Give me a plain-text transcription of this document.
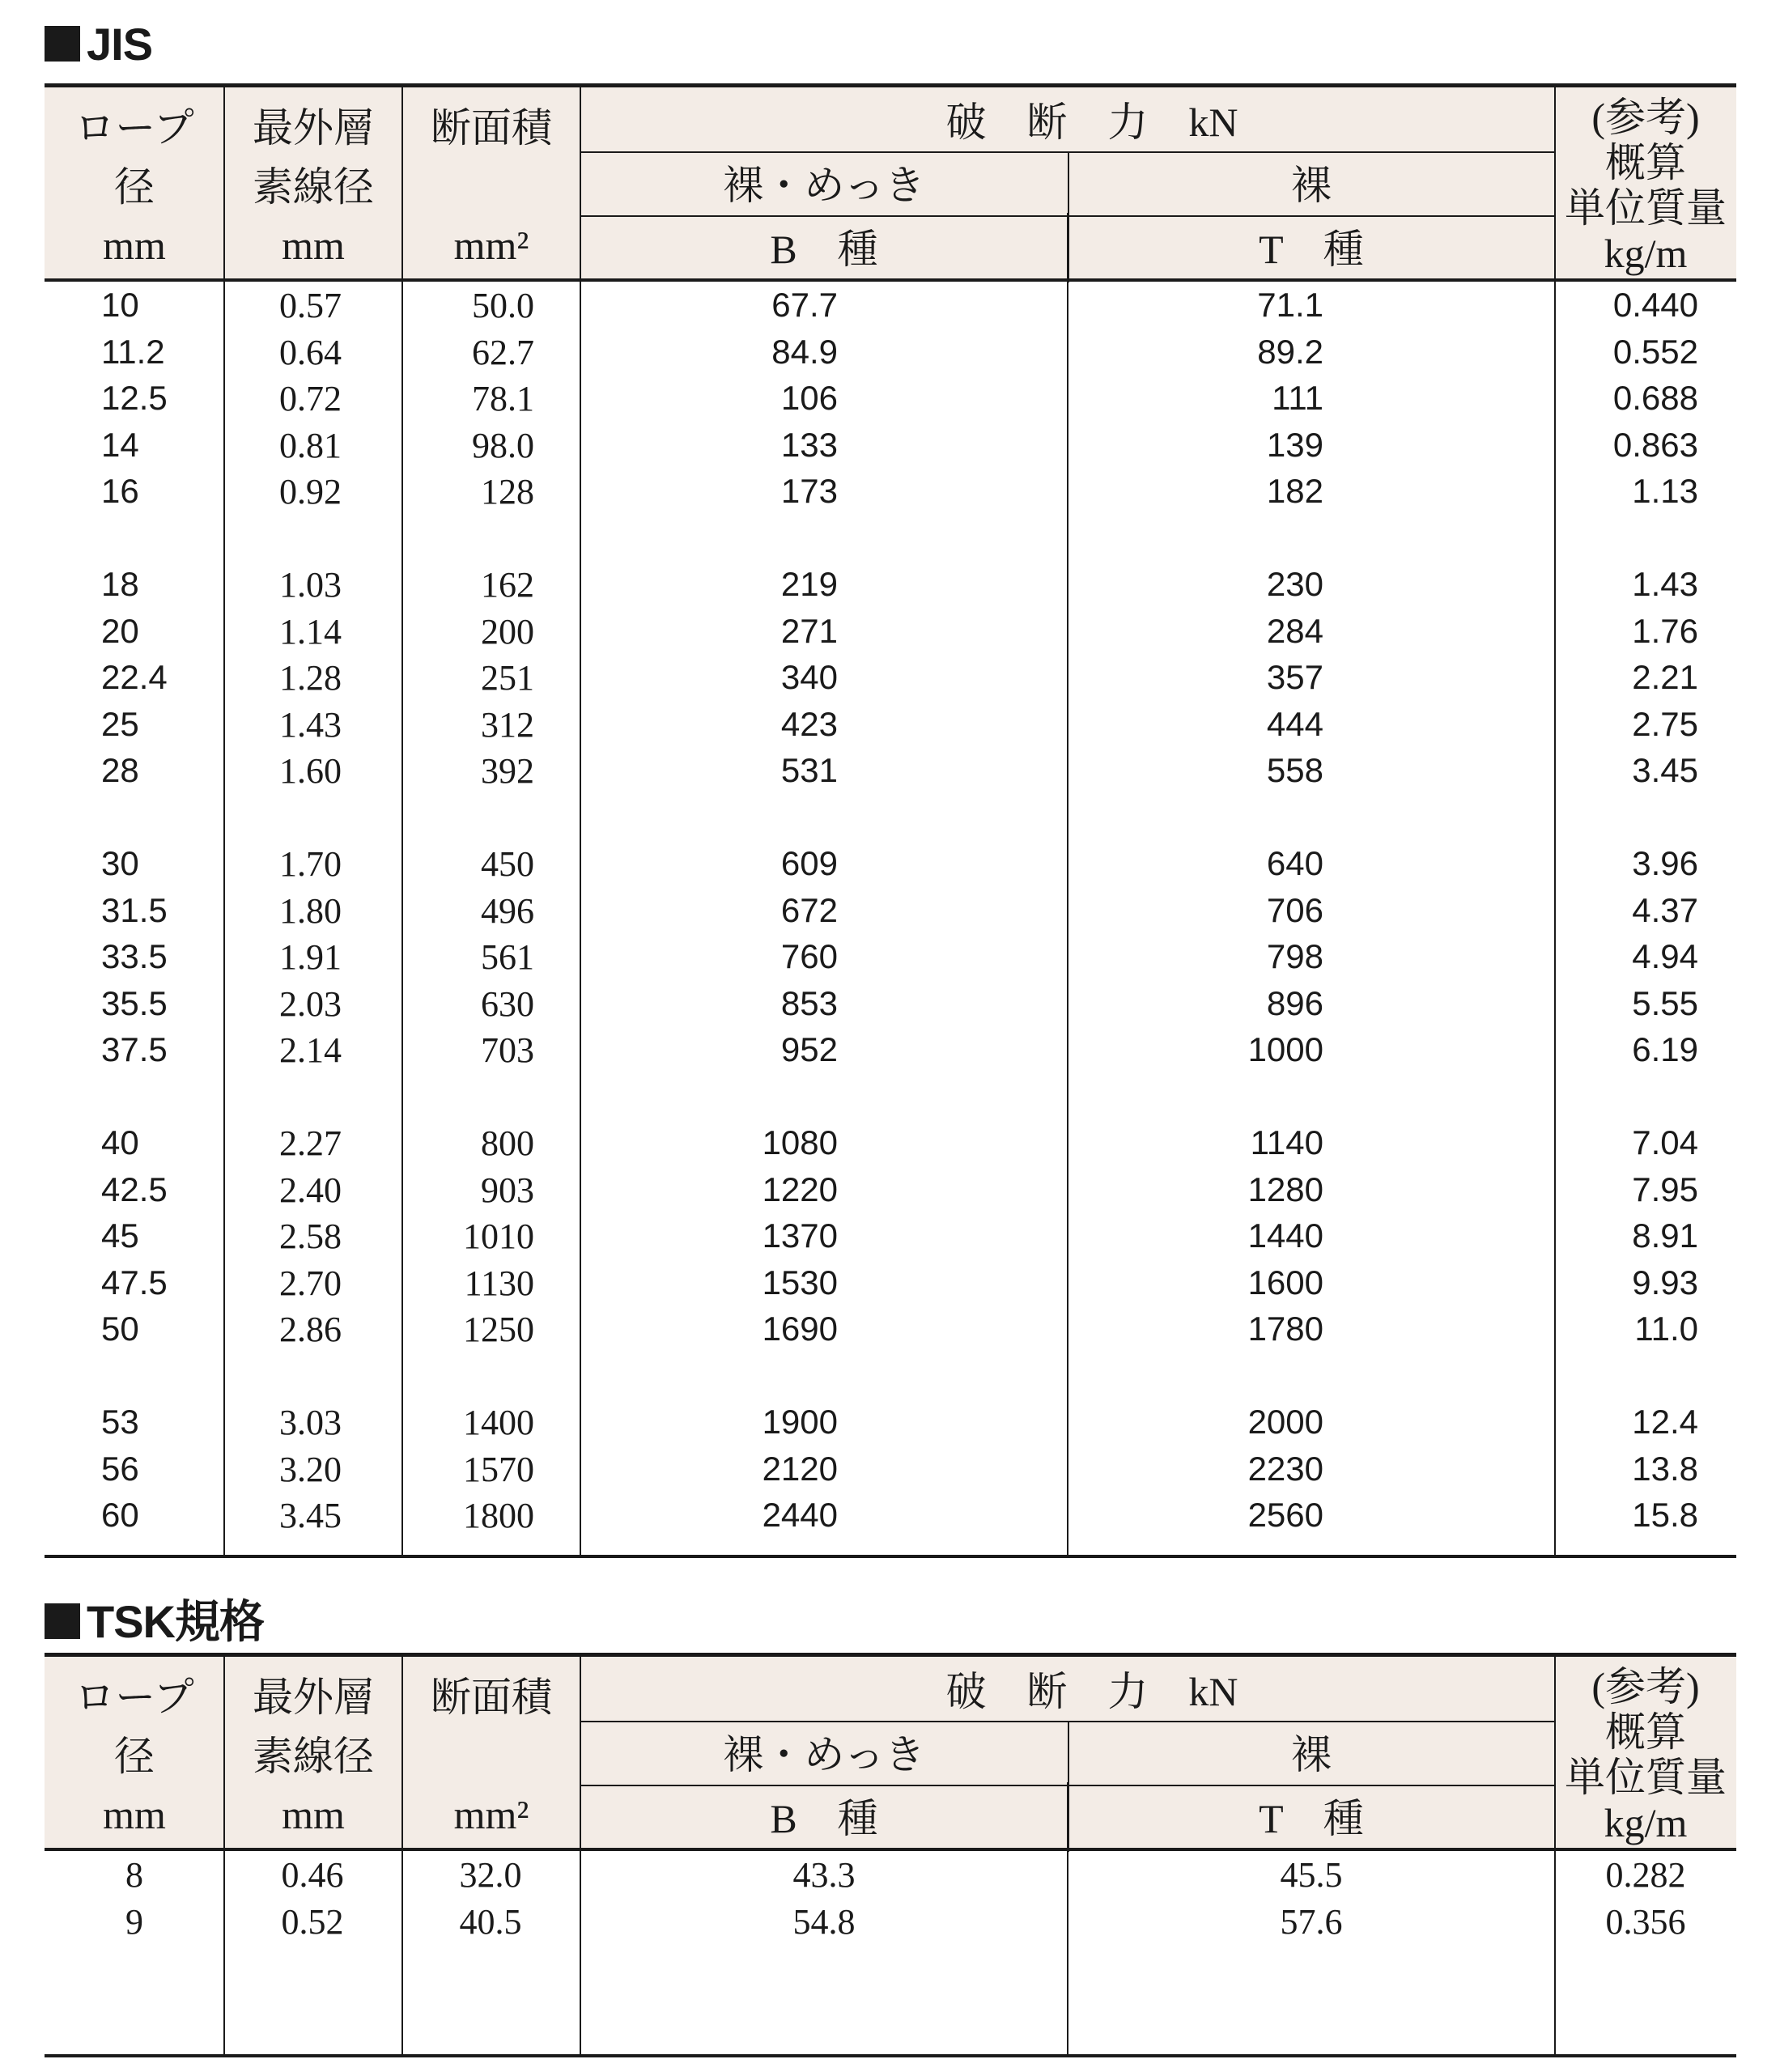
JIS
ロープ
径
mm
最外層
素線径
mm
断面積
mm²
破　断　力　kN
裸・めっき	裸
B　種	T　種
(参考)
概算
単位質量
kg/m
10	0.57	50.0	67.7	71.1	0.440
11.2	0.64	62.7	84.9	89.2	0.552
12.5	0.72	78.1	106	111	0.688
14	0.81	98.0	133	139	0.863
16	0.92	128	173	182	1.13
18	1.03	162	219	230	1.43
20	1.14	200	271	284	1.76
22.4	1.28	251	340	357	2.21
25	1.43	312	423	444	2.75
28	1.60	392	531	558	3.45
30	1.70	450	609	640	3.96
31.5	1.80	496	672	706	4.37
33.5	1.91	561	760	798	4.94
35.5	2.03	630	853	896	5.55
37.5	2.14	703	952	1000	6.19
40	2.27	800	1080	1140	7.04
42.5	2.40	903	1220	1280	7.95
45	2.58	1010	1370	1440	8.91
47.5	2.70	1130	1530	1600	9.93
50	2.86	1250	1690	1780	11.0
53	3.03	1400	1900	2000	12.4
56	3.20	1570	2120	2230	13.8
60	3.45	1800	2440	2560	15.8
TSK規格
ロープ
径
mm
最外層
素線径
mm
断面積
mm²
破　断　力　kN
裸・めっき	裸
B　種	T　種
(参考)
概算
単位質量
kg/m
8	0.46	32.0	43.3	45.5	0.282
9	0.52	40.5	54.8	57.6	0.356
